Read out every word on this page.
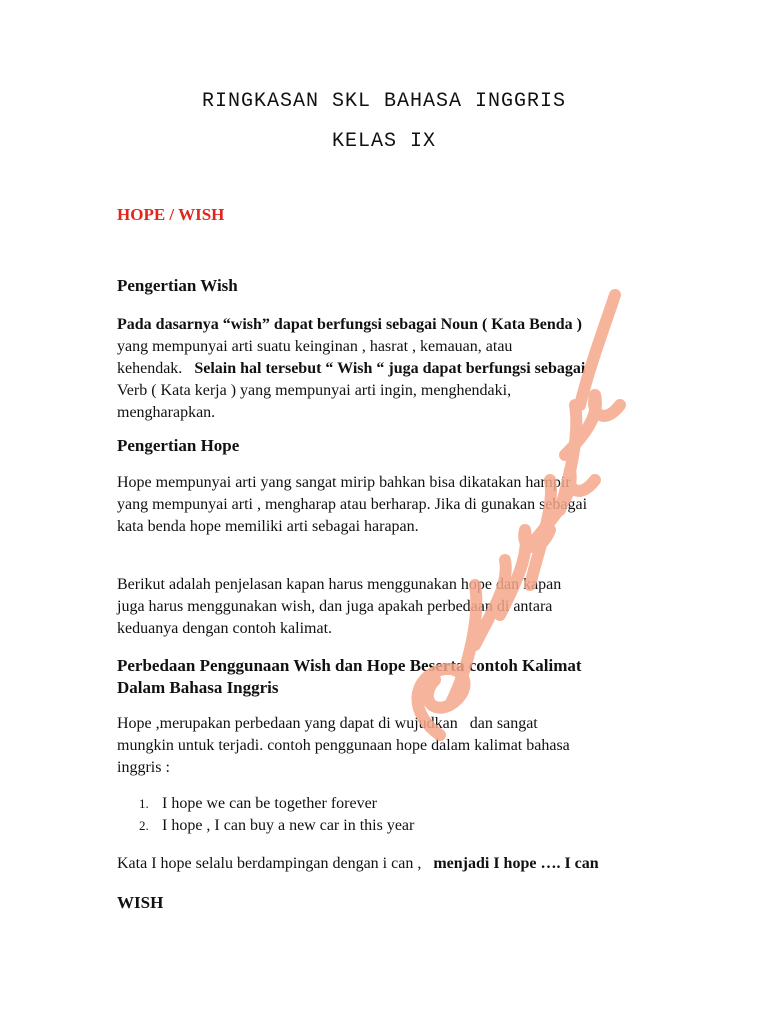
RINGKASAN SKL BAHASA INGGRIS
KELAS IX
HOPE / WISH
Pengertian Wish
Pada dasarnya “wish” dapat berfungsi sebagai Noun ( Kata Benda )
yang mempunyai arti suatu keinginan , hasrat , kemauan, atau
kehendak.   Selain hal tersebut “ Wish “ juga dapat berfungsi sebagai
Verb ( Kata kerja ) yang mempunyai arti ingin, menghendaki,
mengharapkan.
Pengertian Hope
Hope mempunyai arti yang sangat mirip bahkan bisa dikatakan hampir
yang mempunyai arti , mengharap atau berharap. Jika di gunakan sebagai
kata benda hope memiliki arti sebagai harapan.
Berikut adalah penjelasan kapan harus menggunakan hope dan kapan
juga harus menggunakan wish, dan juga apakah perbedaan di antara
keduanya dengan contoh kalimat.
Perbedaan Penggunaan Wish dan Hope Beserta contoh Kalimat
Dalam Bahasa Inggris
Hope ,merupakan perbedaan yang dapat di wujudkan   dan sangat
mungkin untuk terjadi. contoh penggunaan hope dalam kalimat bahasa
inggris :
1. I hope we can be together forever
2. I hope , I can buy a new car in this year
Kata I hope selalu berdampingan dengan i can ,   menjadi I hope …. I can
WISH
